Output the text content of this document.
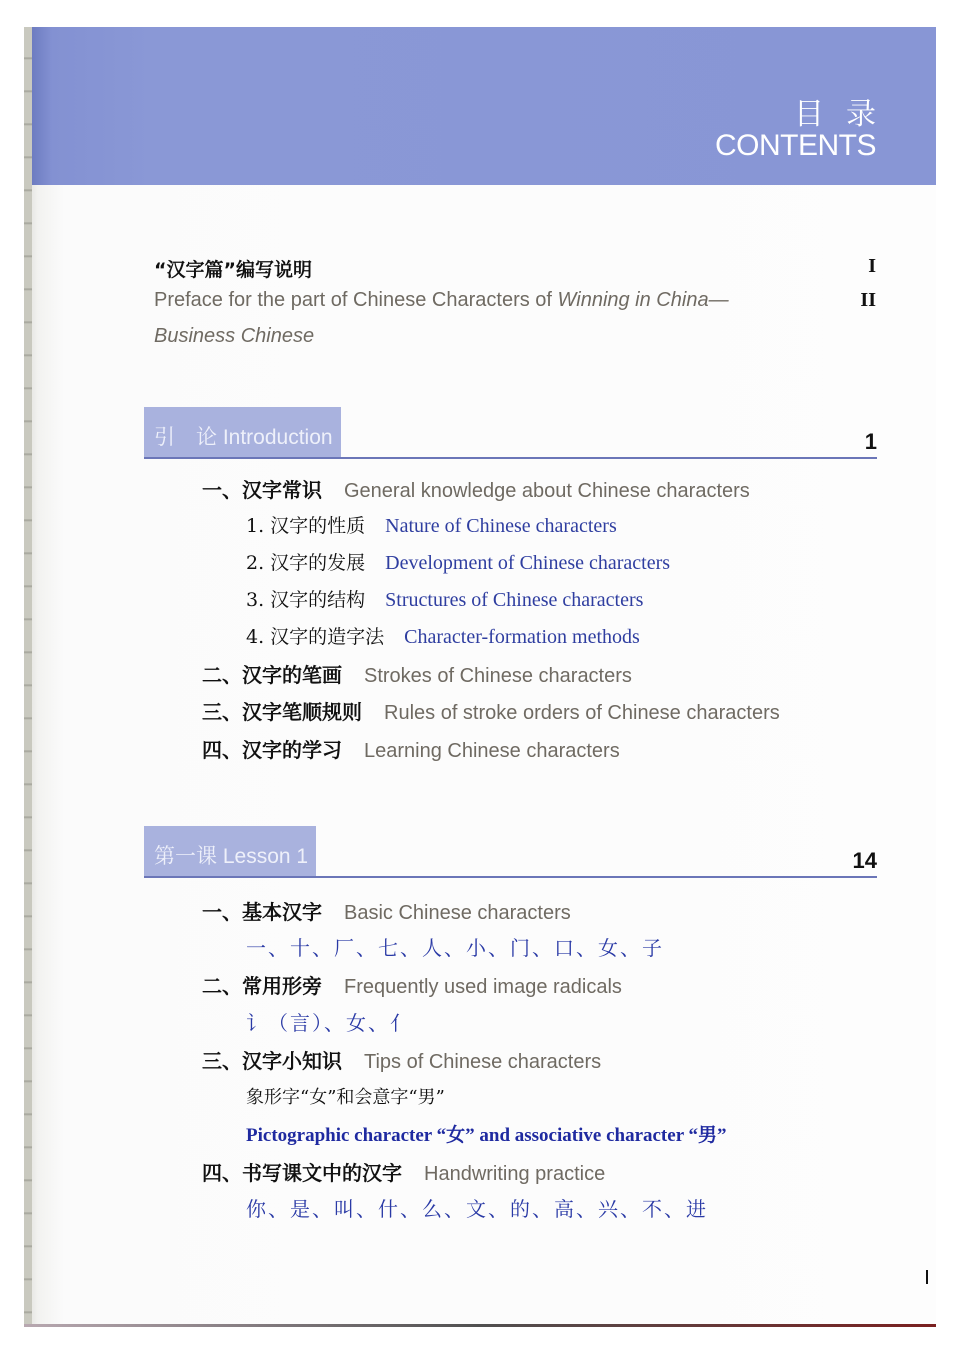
目录
CONTENTS
“汉字篇”编写说明	I
Preface for the part of Chinese Characters of Winning in China—	II
Business Chinese
引　论 Introduction	1
一、汉字常识 General knowledge about Chinese characters
1. 汉字的性质 Nature of Chinese characters
2. 汉字的发展 Development of Chinese characters
3. 汉字的结构 Structures of Chinese characters
4. 汉字的造字法 Character-formation methods
二、汉字的笔画 Strokes of Chinese characters
三、汉字笔顺规则 Rules of stroke orders of Chinese characters
四、汉字的学习 Learning Chinese characters
第一课 Lesson 1	14
一、基本汉字 Basic Chinese characters
一、十、厂、七、人、小、门、口、女、子
二、常用形旁 Frequently used image radicals
讠（言）、女、亻
三、汉字小知识 Tips of Chinese characters
象形字“女”和会意字“男”
Pictographic character “女” and associative character “男”
四、书写课文中的汉字 Handwriting practice
你、是、叫、什、么、文、的、高、兴、不、进
